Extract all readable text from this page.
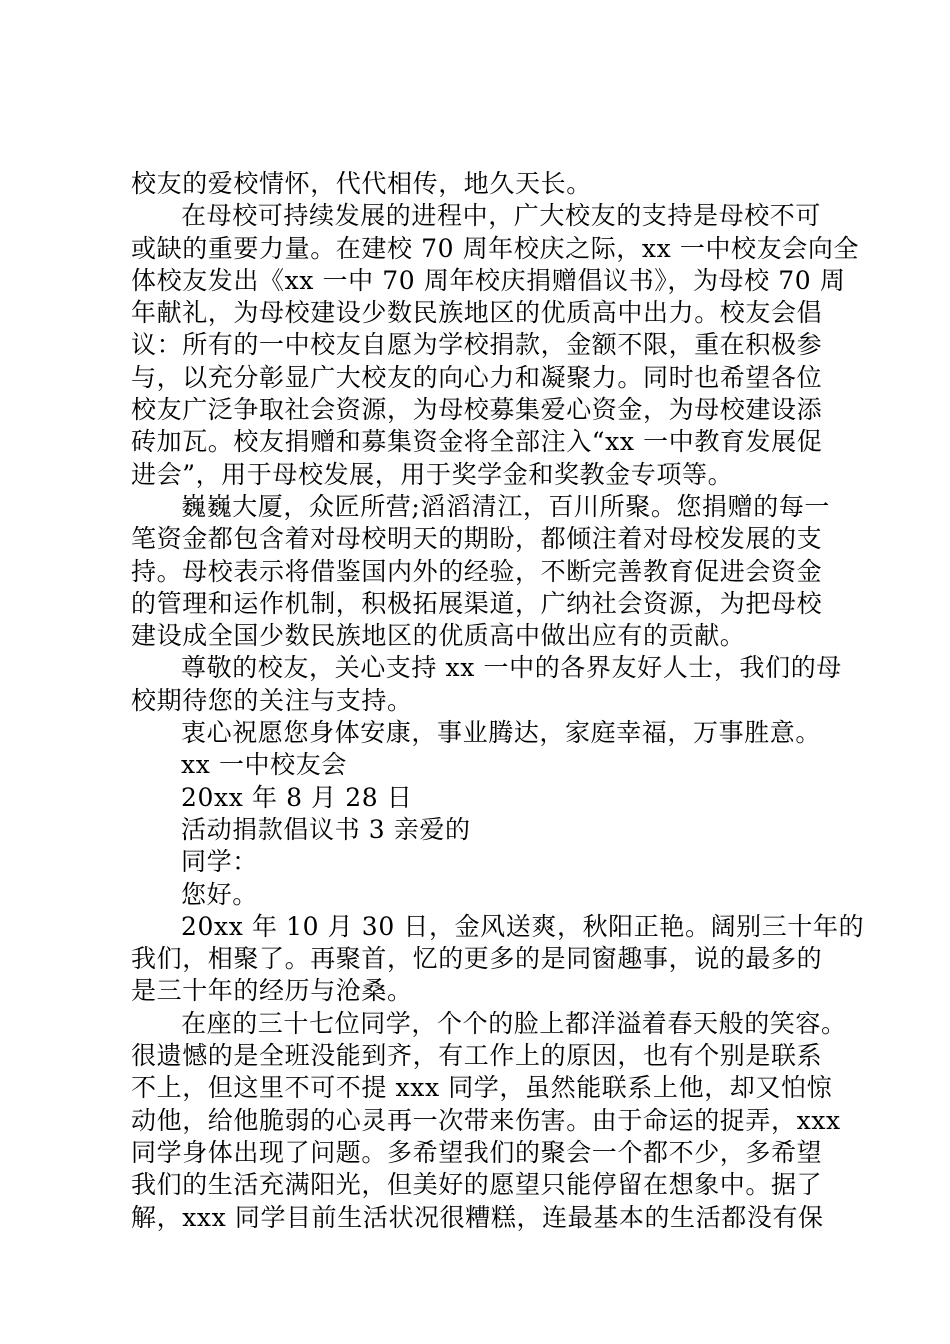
校友的爱校情怀，代代相传，地久天长。
在母校可持续发展的进程中，广大校友的支持是母校不可
或缺的重要力量。在建校 70 周年校庆之际，xx 一中校友会向全
体校友发出《xx 一中 70 周年校庆捐赠倡议书》，为母校 70 周
年献礼，为母校建设少数民族地区的优质高中出力。校友会倡
议：所有的一中校友自愿为学校捐款，金额不限，重在积极参
与，以充分彰显广大校友的向心力和凝聚力。同时也希望各位
校友广泛争取社会资源，为母校募集爱心资金，为母校建设添
砖加瓦。校友捐赠和募集资金将全部注入“xx 一中教育发展促
进会”，用于母校发展，用于奖学金和奖教金专项等。
巍巍大厦，众匠所营;滔滔清江，百川所聚。您捐赠的每一
笔资金都包含着对母校明天的期盼，都倾注着对母校发展的支
持。母校表示将借鉴国内外的经验，不断完善教育促进会资金
的管理和运作机制，积极拓展渠道，广纳社会资源，为把母校
建设成全国少数民族地区的优质高中做出应有的贡献。
尊敬的校友，关心支持 xx 一中的各界友好人士，我们的母
校期待您的关注与支持。
衷心祝愿您身体安康，事业腾达，家庭幸福，万事胜意。
xx 一中校友会
20xx 年 8 月 28 日
活动捐款倡议书 3 亲爱的
同学：
您好。
20xx 年 10 月 30 日，金风送爽，秋阳正艳。阔别三十年的
我们，相聚了。再聚首，忆的更多的是同窗趣事，说的最多的
是三十年的经历与沧桑。
在座的三十七位同学，个个的脸上都洋溢着春天般的笑容。
很遗憾的是全班没能到齐，有工作上的原因，也有个别是联系
不上，但这里不可不提 xxx 同学，虽然能联系上他，却又怕惊
动他，给他脆弱的心灵再一次带来伤害。由于命运的捉弄，xxx
同学身体出现了问题。多希望我们的聚会一个都不少，多希望
我们的生活充满阳光，但美好的愿望只能停留在想象中。据了
解，xxx 同学目前生活状况很糟糕，连最基本的生活都没有保
